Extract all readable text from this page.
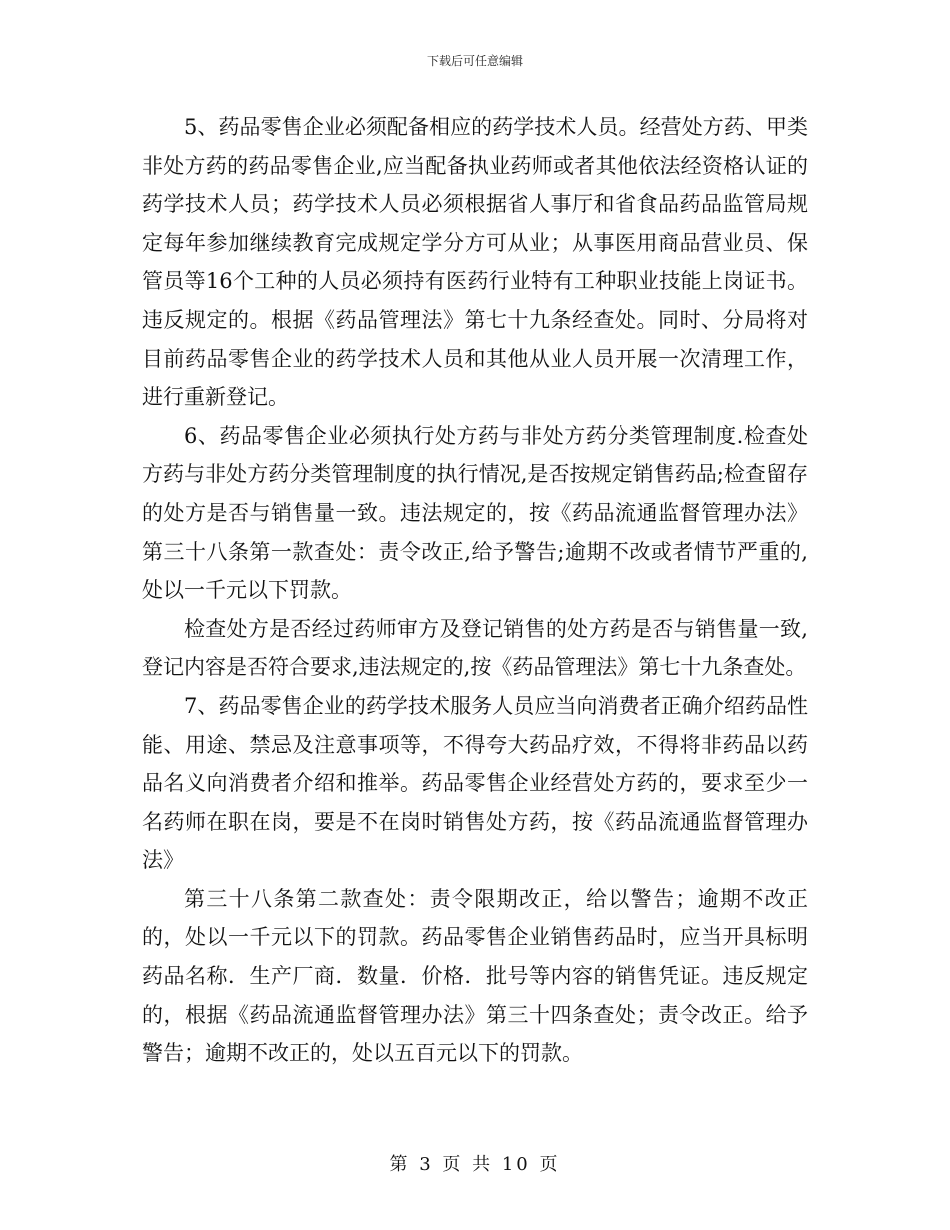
下载后可任意编辑

5、药品零售企业必须配备相应的药学技术人员。经营处方药、甲类非处方药的药品零售企业,应当配备执业药师或者其他依法经资格认证的药学技术人员；药学技术人员必须根据省人事厅和省食品药品监管局规定每年参加继续教育完成规定学分方可从业；从事医用商品营业员、保管员等16个工种的人员必须持有医药行业特有工种职业技能上岗证书。违反规定的。根据《药品管理法》第七十九条经查处。同时、分局将对目前药品零售企业的药学技术人员和其他从业人员开展一次清理工作，进行重新登记。

6、药品零售企业必须执行处方药与非处方药分类管理制度.检查处方药与非处方药分类管理制度的执行情况,是否按规定销售药品;检查留存的处方是否与销售量一致。违法规定的，按《药品流通监督管理办法》第三十八条第一款查处：责令改正,给予警告;逾期不改或者情节严重的,处以一千元以下罚款。

检查处方是否经过药师审方及登记销售的处方药是否与销售量一致,登记内容是否符合要求,违法规定的,按《药品管理法》第七十九条查处。

7、药品零售企业的药学技术服务人员应当向消费者正确介绍药品性能、用途、禁忌及注意事项等，不得夸大药品疗效，不得将非药品以药品名义向消费者介绍和推举。药品零售企业经营处方药的，要求至少一名药师在职在岗，要是不在岗时销售处方药，按《药品流通监督管理办法》

第三十八条第二款查处：责令限期改正，给以警告；逾期不改正的，处以一千元以下的罚款。药品零售企业销售药品时，应当开具标明药品名称．生产厂商．数量．价格．批号等内容的销售凭证。违反规定的，根据《药品流通监督管理办法》第三十四条查处；责令改正。给予警告；逾期不改正的，处以五百元以下的罚款。

第 3 页 共 10 页
